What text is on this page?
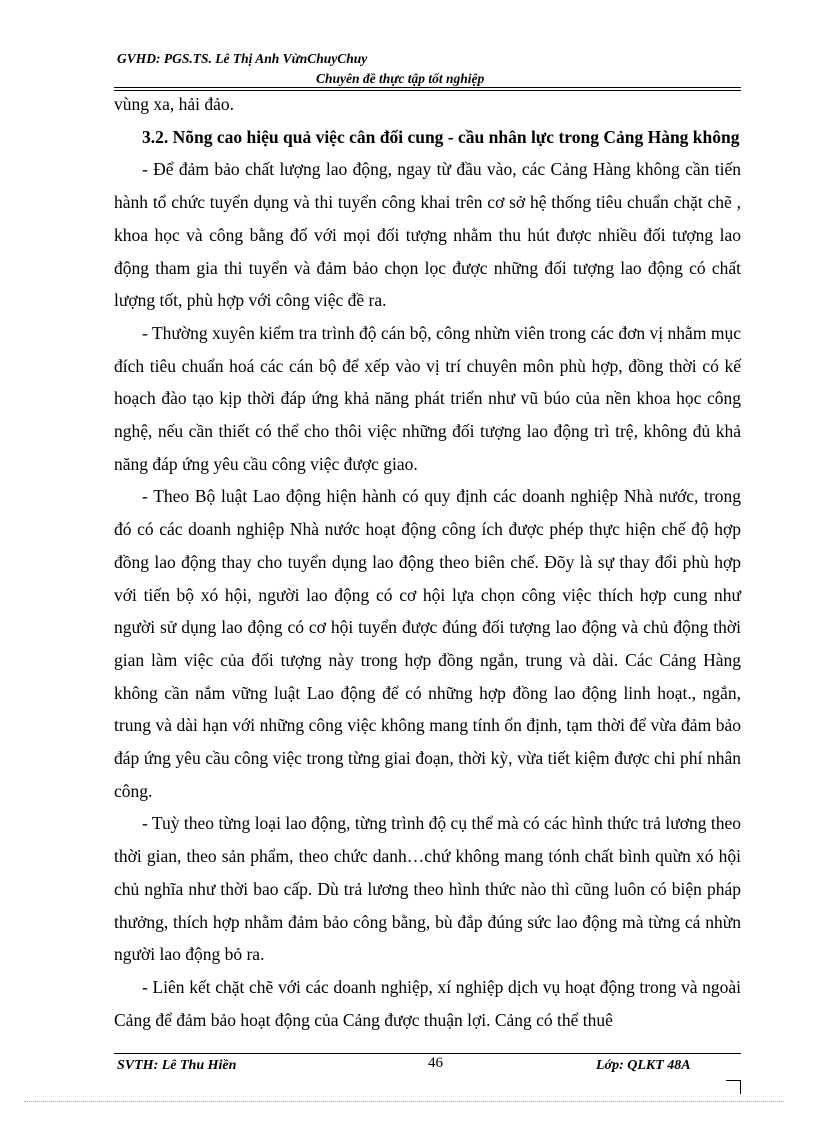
GVHD: PGS.TS. Lê Thị Anh VừnChuyChuy
Chuyên đề thực tập tốt nghiệp

vùng xa, hải đảo.

3.2. Nõng cao hiệu quả việc cân đối cung - cầu nhân lực trong Cảng Hàng không

- Để đảm bảo chất lượng lao động, ngay từ đầu vào, các Cảng Hàng không cần tiến hành tổ chức tuyển dụng và thi tuyển công khai trên cơ sở hệ thống tiêu chuẩn chặt chẽ , khoa học và công bằng đố với mọi đối tượng nhằm thu hút được nhiều đối tượng lao động tham gia thi tuyển và đảm bảo chọn lọc được những đối tượng lao động có chất lượng tốt, phù hợp với công việc đề ra.

- Thường xuyên kiểm tra trình độ cán bộ, công nhừn viên trong các đơn vị nhằm mục đích tiêu chuẩn hoá các cán bộ để xếp vào vị trí chuyên môn phù hợp, đồng thời có kế hoạch đào tạo kịp thời đáp ứng khả năng phát triển như vũ búo của nền khoa học công nghệ, nếu cần thiết có thể cho thôi việc những đối tượng lao động trì trệ, không đủ khả năng đáp ứng yêu cầu công việc được giao.

- Theo Bộ luật Lao động hiện hành có quy định các doanh nghiệp Nhà nước, trong đó có các doanh nghiệp Nhà nước hoạt động công ích được phép thực hiện chế độ hợp đồng lao động thay cho tuyển dụng lao động theo biên chế. Đõy là sự thay đổi phù hợp với tiến bộ xó hội, người lao động có cơ hội lựa chọn công việc thích hợp cung như người sử dụng lao động có cơ hội tuyển được đúng đối tượng lao động và chủ động thời gian làm việc của đối tượng này trong hợp đồng ngắn, trung và dài. Các Cảng Hàng không cần nắm vững luật Lao động để có những hợp đồng lao động linh hoạt., ngắn, trung và dài hạn với những công việc không mang tính ổn định, tạm thời để vừa đảm bảo đáp ứng yêu cầu công việc trong từng giai đoạn, thời kỳ, vừa tiết kiệm được chi phí nhân công.

- Tuỳ theo từng loại lao động, từng trình độ cụ thể mà có các hình thức trả lương theo thời gian, theo sản phẩm, theo chức danh…chứ không mang tónh chất bình quừn xó hội chủ nghĩa như thời bao cấp. Dù trả lương theo hình thức nào thì cũng luôn có biện pháp thưởng, thích hợp nhằm đảm bảo công bằng, bù đắp đúng sức lao động mà từng cá nhừn người lao động bỏ ra.

- Liên kết chặt chẽ với các doanh nghiệp, xí nghiệp dịch vụ hoạt động trong và ngoài Cảng để đảm bảo hoạt động của Cảng được thuận lợi. Cảng có thể thuê

SVTH: Lê Thu Hiền	46	Lớp: QLKT 48A
